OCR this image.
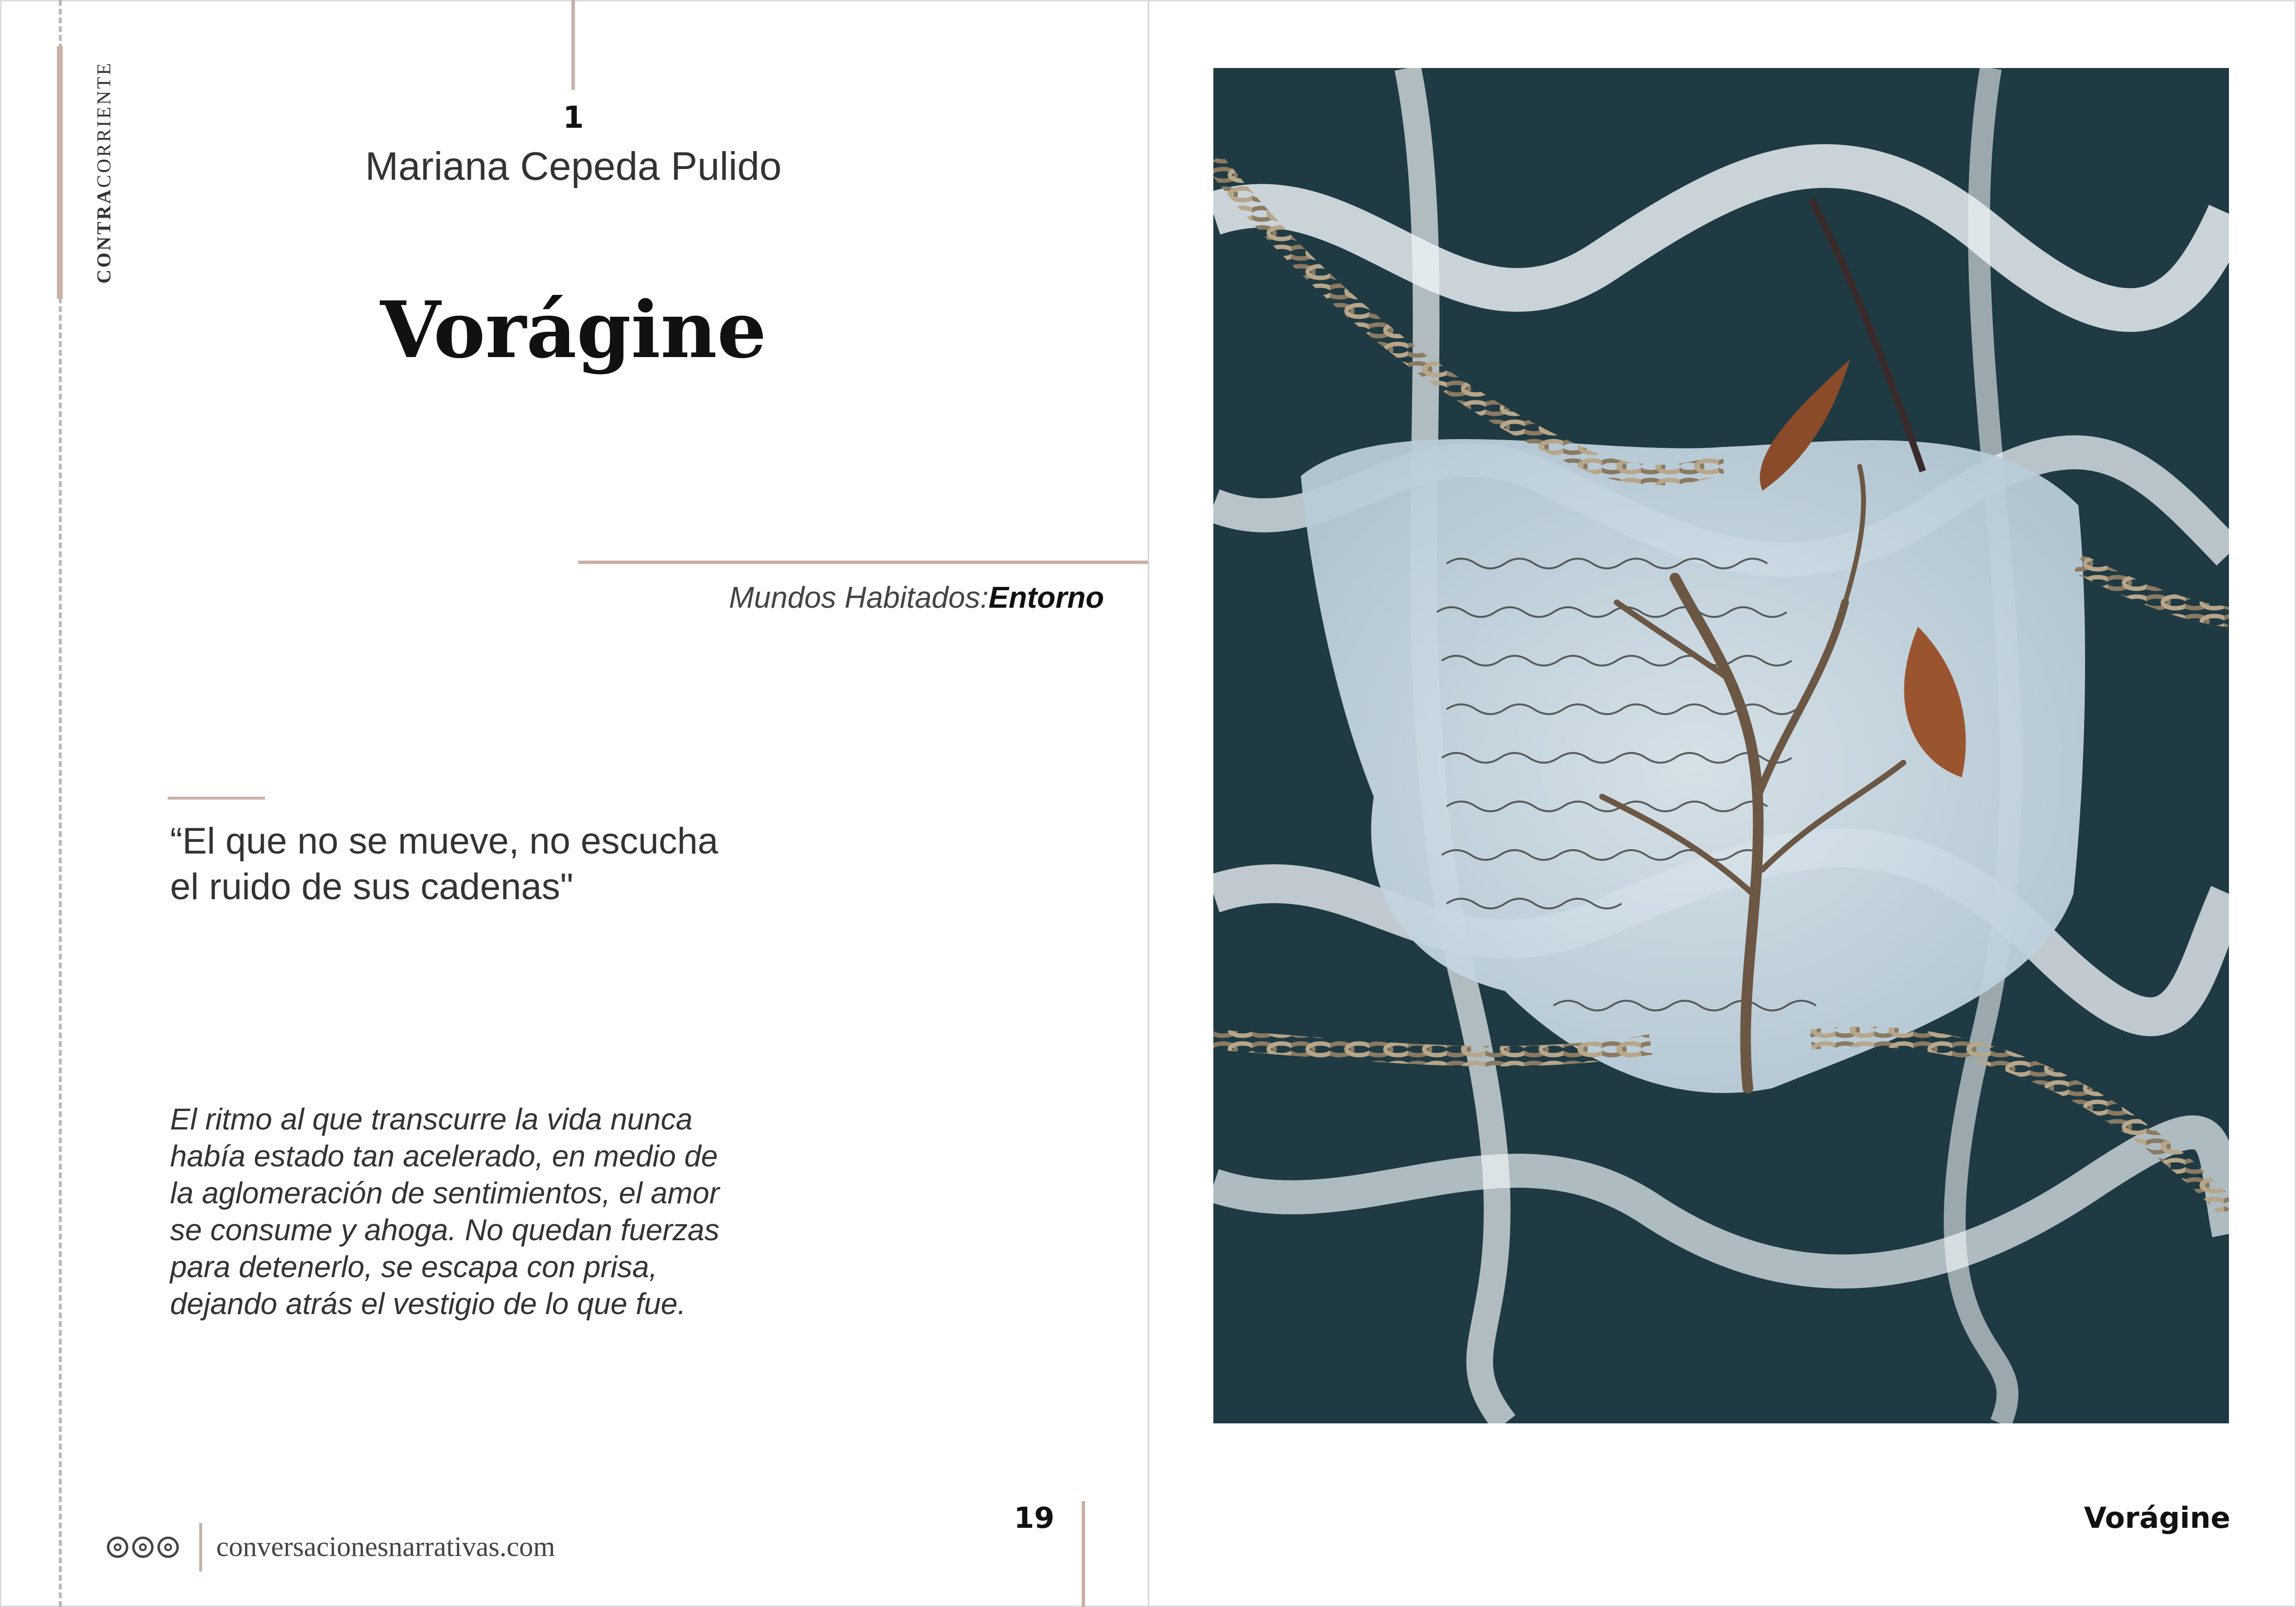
CONTRACORRIENTE	1
Mariana Cepeda Pulido
Vorágine
Mundos Habitados:Entorno
“El que no se mueve, no escucha
el ruido de sus cadenas"
El ritmo al que transcurre la vida nunca había estado tan acelerado, en medio de la aglomeración de sentimientos, el amor se consume y ahoga. No quedan fuerzas para detenerlo, se escapa con prisa, dejando atrás el vestigio de lo que fue.
conversacionesnarrativas.com
19	Vorágine
